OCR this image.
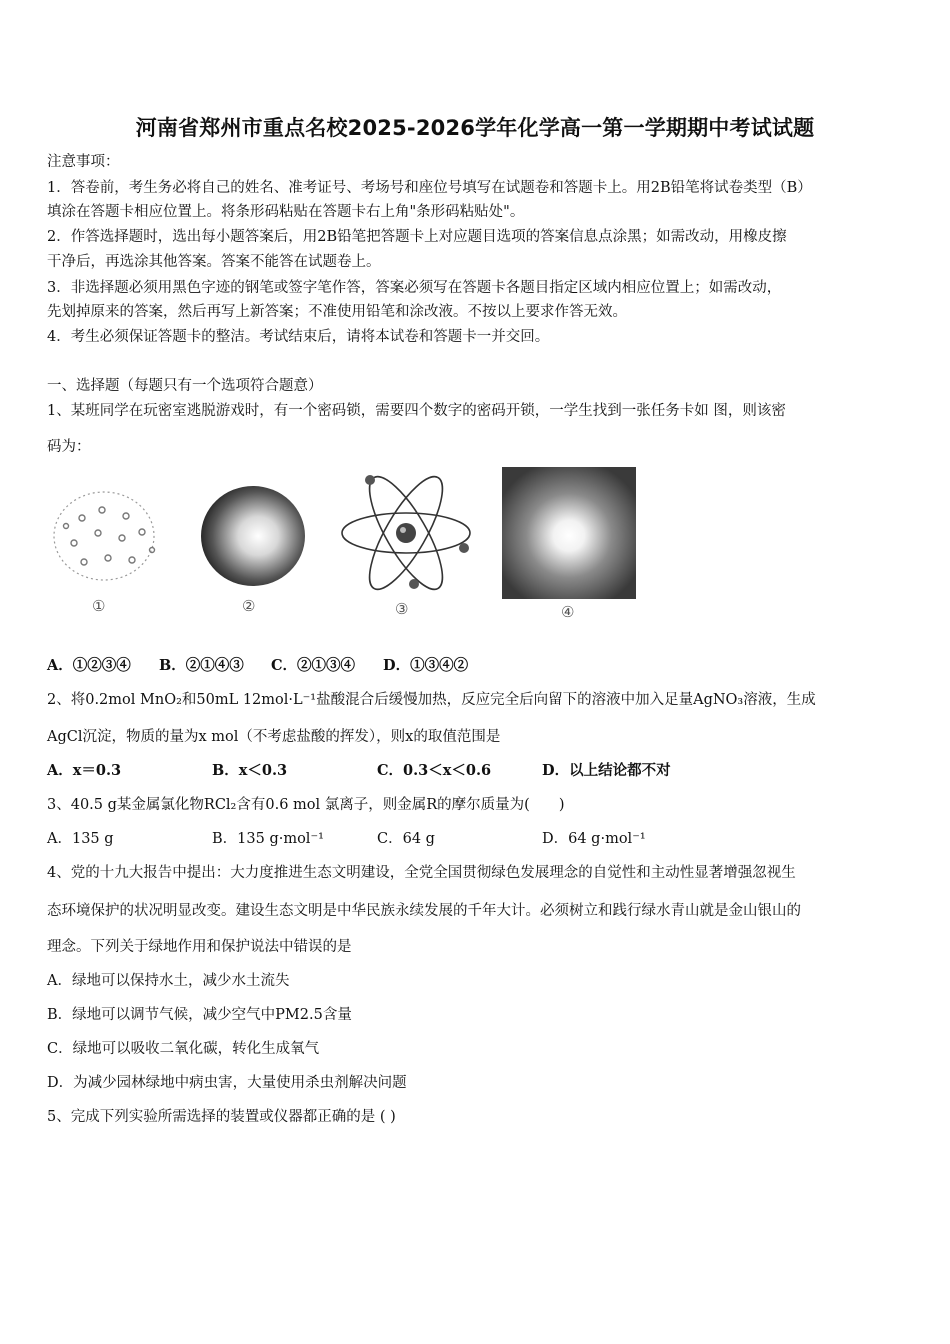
河南省郑州市重点名校2025-2026学年化学高一第一学期期中考试试题
注意事项：
1．答卷前，考生务必将自己的姓名、准考证号、考场号和座位号填写在试题卷和答题卡上。用2B铅笔将试卷类型（B）
填涂在答题卡相应位置上。将条形码粘贴在答题卡右上角"条形码粘贴处"。
2．作答选择题时，选出每小题答案后，用2B铅笔把答题卡上对应题目选项的答案信息点涂黑；如需改动，用橡皮擦
干净后，再选涂其他答案。答案不能答在试题卷上。
3．非选择题必须用黑色字迹的钢笔或签字笔作答，答案必须写在答题卡各题目指定区域内相应位置上；如需改动，
先划掉原来的答案，然后再写上新答案；不准使用铅笔和涂改液。不按以上要求作答无效。
4．考生必须保证答题卡的整洁。考试结束后，请将本试卷和答题卡一并交回。
一、选择题（每题只有一个选项符合题意）
1、某班同学在玩密室逃脱游戏时，有一个密码锁，需要四个数字的密码开锁，一学生找到一张任务卡如 图，则该密
码为：
①	②	③	④
A．①②③④ B．②①④③ C．②①③④ D．①③④②
2、将0.2mol MnO₂和50mL 12mol·L⁻¹盐酸混合后缓慢加热，反应完全后向留下的溶液中加入足量AgNO₃溶液，生成
AgCl沉淀，物质的量为x mol（不考虑盐酸的挥发），则x的取值范围是
A．x＝0.3	B．x＜0.3	C．0.3＜x＜0.6	D．以上结论都不对
3、40.5 g某金属氯化物RCl₂含有0.6 mol 氯离子，则金属R的摩尔质量为(　　)
A．135 g	B．135 g·mol⁻¹	C．64 g	D．64 g·mol⁻¹
4、党的十九大报告中提出：大力度推进生态文明建设，全党全国贯彻绿色发展理念的自觉性和主动性显著增强忽视生
态环境保护的状况明显改变。建设生态文明是中华民族永续发展的千年大计。必须树立和践行绿水青山就是金山银山的
理念。下列关于绿地作用和保护说法中错误的是
A．绿地可以保持水土，减少水土流失
B．绿地可以调节气候，减少空气中PM2.5含量
C．绿地可以吸收二氧化碳，转化生成氧气
D．为减少园林绿地中病虫害，大量使用杀虫剂解决问题
5、完成下列实验所需选择的装置或仪器都正确的是 ( )
